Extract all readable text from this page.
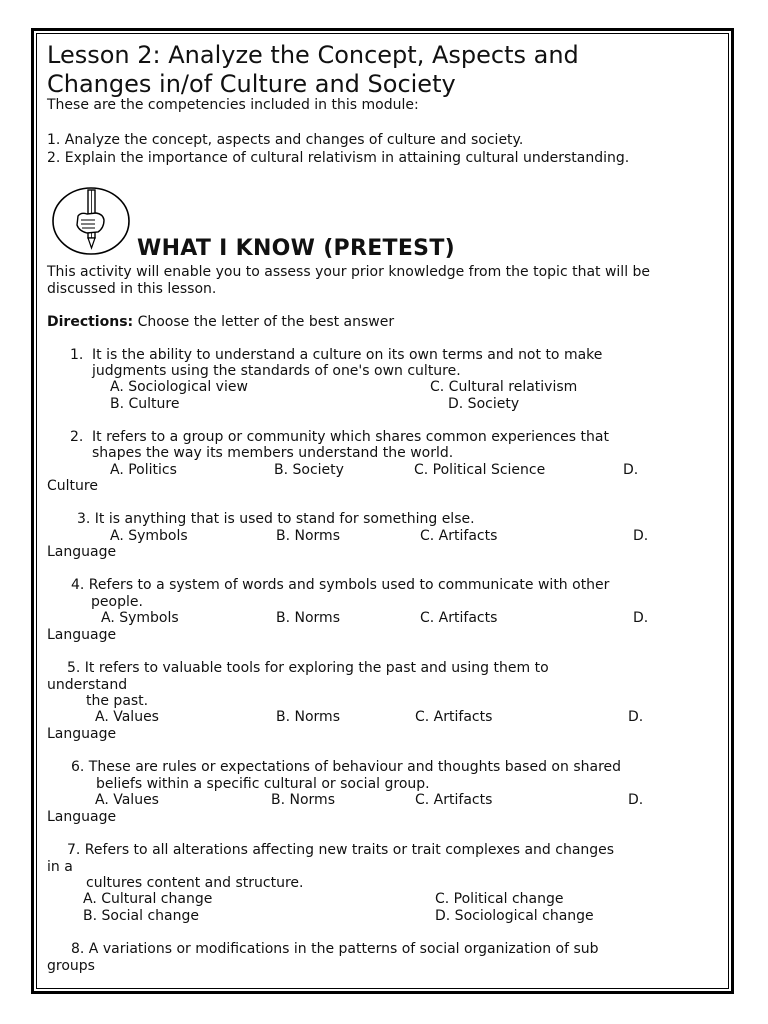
Lesson 2: Analyze the Concept, Aspects and
Changes in/of Culture and Society
These are the competencies included in this module:
1. Analyze the concept, aspects and changes of culture and society.
2. Explain the importance of cultural relativism in attaining cultural understanding.
WHAT I KNOW (PRETEST)
This activity will enable you to assess your prior knowledge from the topic that will be
discussed in this lesson.
Directions: Choose the letter of the best answer
1. It is the ability to understand a culture on its own terms and not to make
judgments using the standards of one's own culture.
A. Sociological view
B. Culture
C. Cultural relativism
D. Society
2. It refers to a group or community which shares common experiences that
shapes the way its members understand the world.
A. Politics	B. Society	C. Political Science	D.
Culture
3. It is anything that is used to stand for something else.
A. Symbols	B. Norms	C. Artifacts	D.
Language
4. Refers to a system of words and symbols used to communicate with other
people.
A. Symbols	B. Norms	C. Artifacts	D.
Language
5. It refers to valuable tools for exploring the past and using them to
understand
the past.
A. Values	B. Norms	C. Artifacts	D.
Language
6. These are rules or expectations of behaviour and thoughts based on shared
beliefs within a specific cultural or social group.
A. Values	B. Norms	C. Artifacts	D.
Language
7. Refers to all alterations affecting new traits or trait complexes and changes
in a
cultures content and structure.
A. Cultural change
B. Social change
C. Political change
D. Sociological change
8. A variations or modifications in the patterns of social organization of sub
groups
